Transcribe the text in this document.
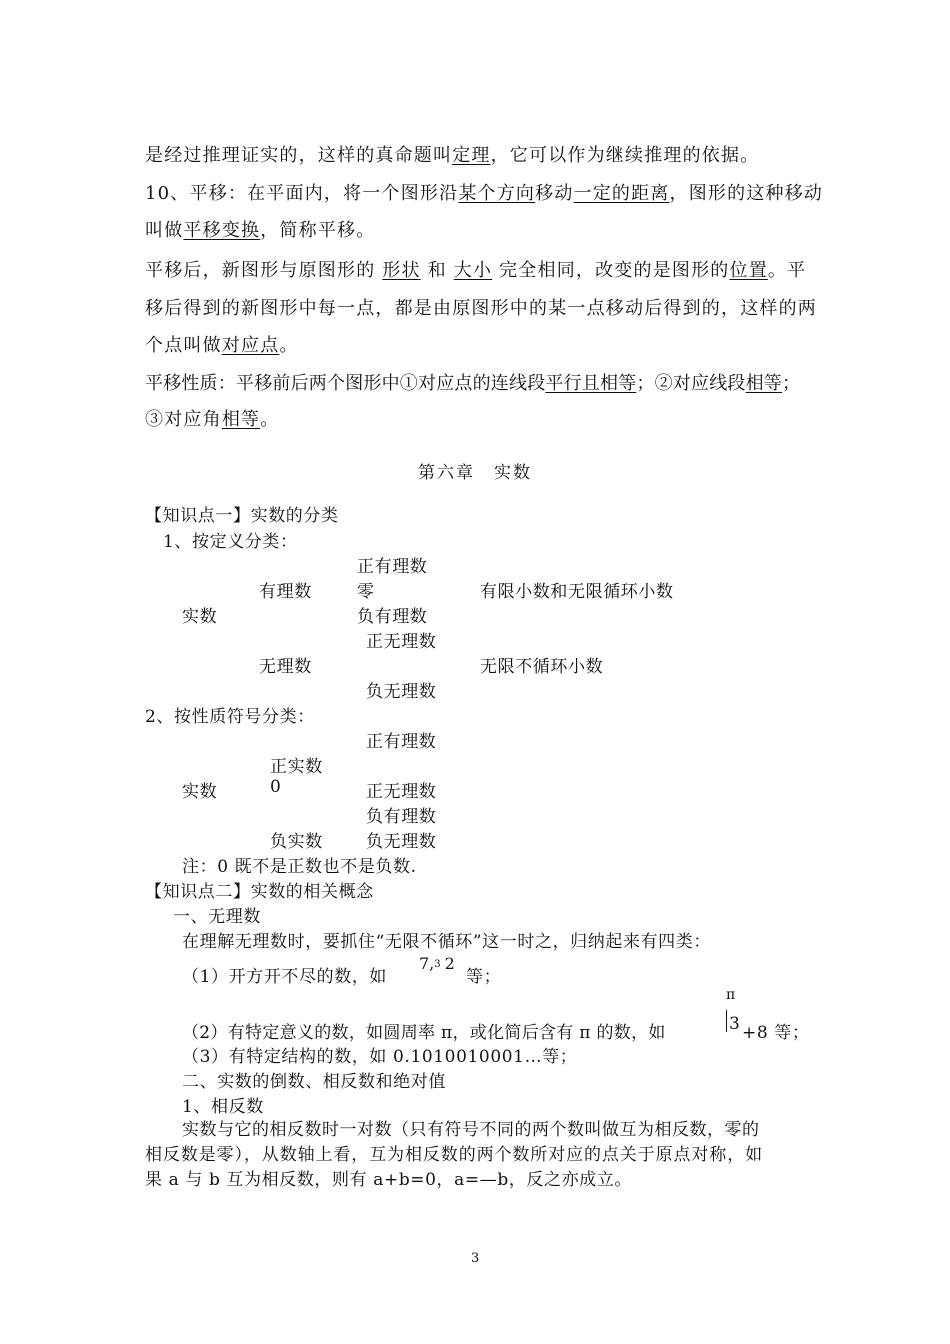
是经过推理证实的，这样的真命题叫定理，它可以作为继续推理的依据。
10、平移：在平面内，将一个图形沿某个方向移动一定的距离，图形的这种移动
叫做平移变换，简称平移。
平移后，新图形与原图形的 形状 和 大小 完全相同，改变的是图形的位置。平
移后得到的新图形中每一点，都是由原图形中的某一点移动后得到的，这样的两
个点叫做对应点。
平移性质：平移前后两个图形中①对应点的连线段平行且相等；②对应线段相等；
③对应角相等。
第六章　实数
【知识点一】实数的分类
1、按定义分类：
正有理数
有理数	零	有限小数和无限循环小数
实数	负有理数
正无理数
无理数	无限不循环小数
负无理数
2、按性质符号分类：
正有理数
正实数
实数	0	正无理数
负有理数
负实数	负无理数
注：0 既不是正数也不是负数.
【知识点二】实数的相关概念
一、无理数
在理解无理数时，要抓住“无限不循环”这一时之，归纳起来有四类：
（1）开方开不尽的数，如
7,3 2
等；
（2）有特定意义的数，如圆周率 π，或化简后含有 π 的数，如
π
3 +8 等；
（3）有特定结构的数，如 0.1010010001…等；
二、实数的倒数、相反数和绝对值
1、相反数
实数与它的相反数时一对数（只有符号不同的两个数叫做互为相反数，零的
相反数是零），从数轴上看，互为相反数的两个数所对应的点关于原点对称，如
果 a 与 b 互为相反数，则有 a+b=0，a=—b，反之亦成立。
3
